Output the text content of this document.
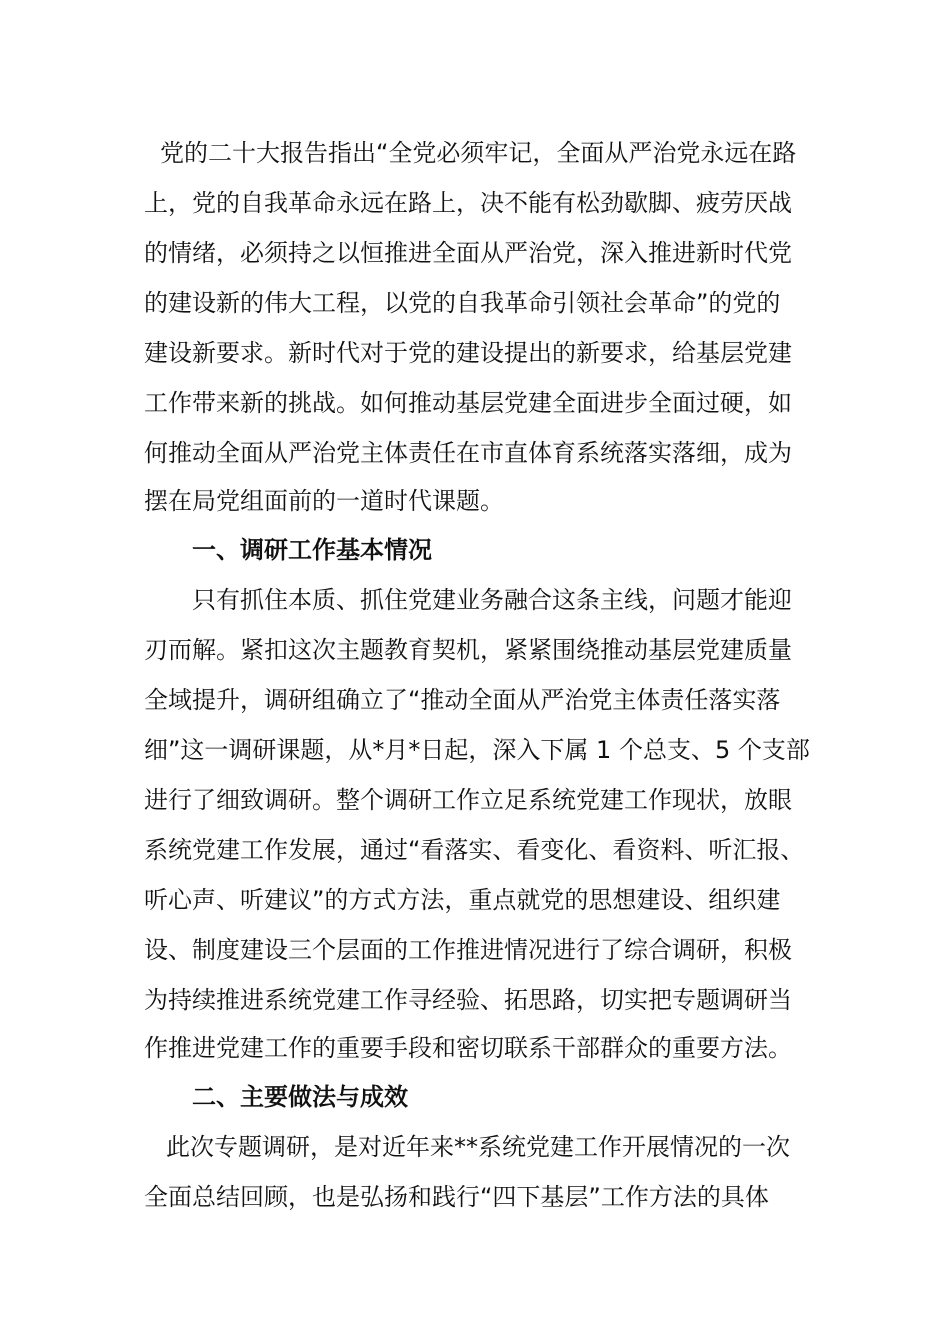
党的二十大报告指出“全党必须牢记，全面从严治党永远在路
上，党的自我革命永远在路上，决不能有松劲歇脚、疲劳厌战
的情绪，必须持之以恒推进全面从严治党，深入推进新时代党
的建设新的伟大工程，以党的自我革命引领社会革命”的党的
建设新要求。新时代对于党的建设提出的新要求，给基层党建
工作带来新的挑战。如何推动基层党建全面进步全面过硬，如
何推动全面从严治党主体责任在市直体育系统落实落细，成为
摆在局党组面前的一道时代课题。
一、调研工作基本情况
只有抓住本质、抓住党建业务融合这条主线，问题才能迎
刃而解。紧扣这次主题教育契机，紧紧围绕推动基层党建质量
全域提升，调研组确立了“推动全面从严治党主体责任落实落
细”这一调研课题，从*月*日起，深入下属 1 个总支、5 个支部
进行了细致调研。整个调研工作立足系统党建工作现状，放眼
系统党建工作发展，通过“看落实、看变化、看资料、听汇报、
听心声、听建议”的方式方法，重点就党的思想建设、组织建
设、制度建设三个层面的工作推进情况进行了综合调研，积极
为持续推进系统党建工作寻经验、拓思路，切实把专题调研当
作推进党建工作的重要手段和密切联系干部群众的重要方法。
二、主要做法与成效
此次专题调研，是对近年来**系统党建工作开展情况的一次
全面总结回顾，也是弘扬和践行“四下基层”工作方法的具体
